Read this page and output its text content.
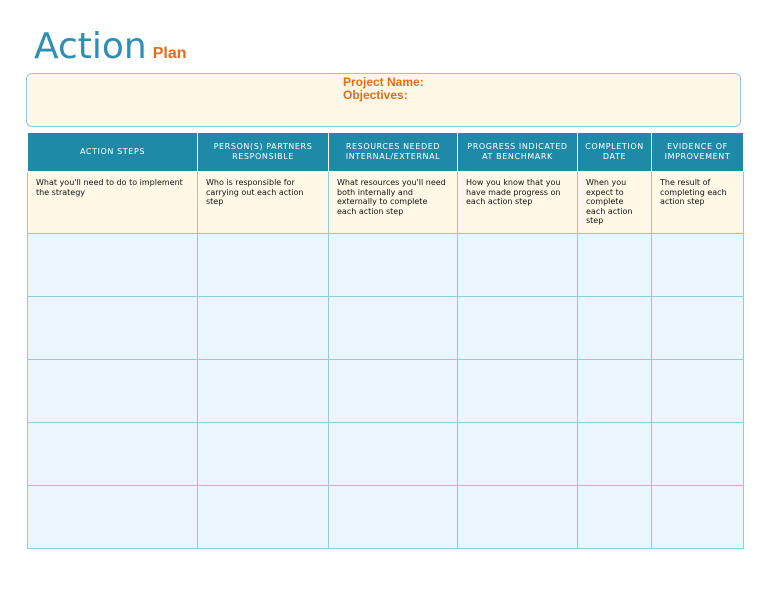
Action Plan
Project Name:
Objectives:
ACTION STEPS	PERSON(S) PARTNERS RESPONSIBLE	RESOURCES NEEDED INTERNAL/EXTERNAL	PROGRESS INDICATED AT BENCHMARK	COMPLETION DATE	EVIDENCE OF IMPROVEMENT
What you'll need to do to implement the strategy	Who is responsible for carrying out each action step	What resources you'll need both internally and externally to complete each action step	How you know that you have made progress on each action step	When you expect to complete each action step	The result of completing each action step
